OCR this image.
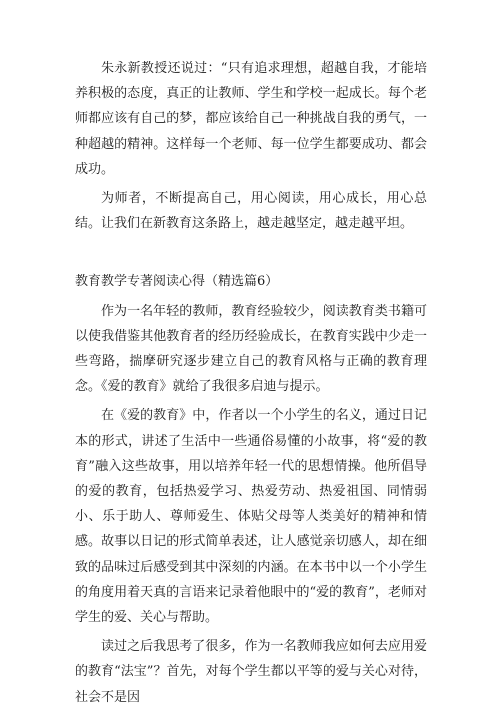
朱永新教授还说过：“只有追求理想，超越自我，才能培养积极的态度，真正的让教师、学生和学校一起成长。每个老师都应该有自己的梦，都应该给自己一种挑战自我的勇气，一种超越的精神。这样每一个老师、每一位学生都要成功、都会成功。

为师者，不断提高自己，用心阅读，用心成长，用心总结。让我们在新教育这条路上，越走越坚定，越走越平坦。

教育教学专著阅读心得（精选篇6）

作为一名年轻的教师，教育经验较少，阅读教育类书籍可以使我借鉴其他教育者的经历经验成长，在教育实践中少走一些弯路，揣摩研究逐步建立自己的教育风格与正确的教育理念。《爱的教育》就给了我很多启迪与提示。

在《爱的教育》中，作者以一个小学生的名义，通过日记本的形式，讲述了生活中一些通俗易懂的小故事，将“爱的教育”融入这些故事，用以培养年轻一代的思想情操。他所倡导的爱的教育，包括热爱学习、热爱劳动、热爱祖国、同情弱小、乐于助人、尊师爱生、体贴父母等人类美好的精神和情感。故事以日记的形式简单表述，让人感觉亲切感人，却在细致的品味过后感受到其中深刻的内涵。在本书中以一个小学生的角度用着天真的言语来记录着他眼中的“爱的教育”，老师对学生的爱、关心与帮助。

读过之后我思考了很多，作为一名教师我应如何去应用爱的教育“法宝”？首先，对每个学生都以平等的爱与关心对待，社会不是因
